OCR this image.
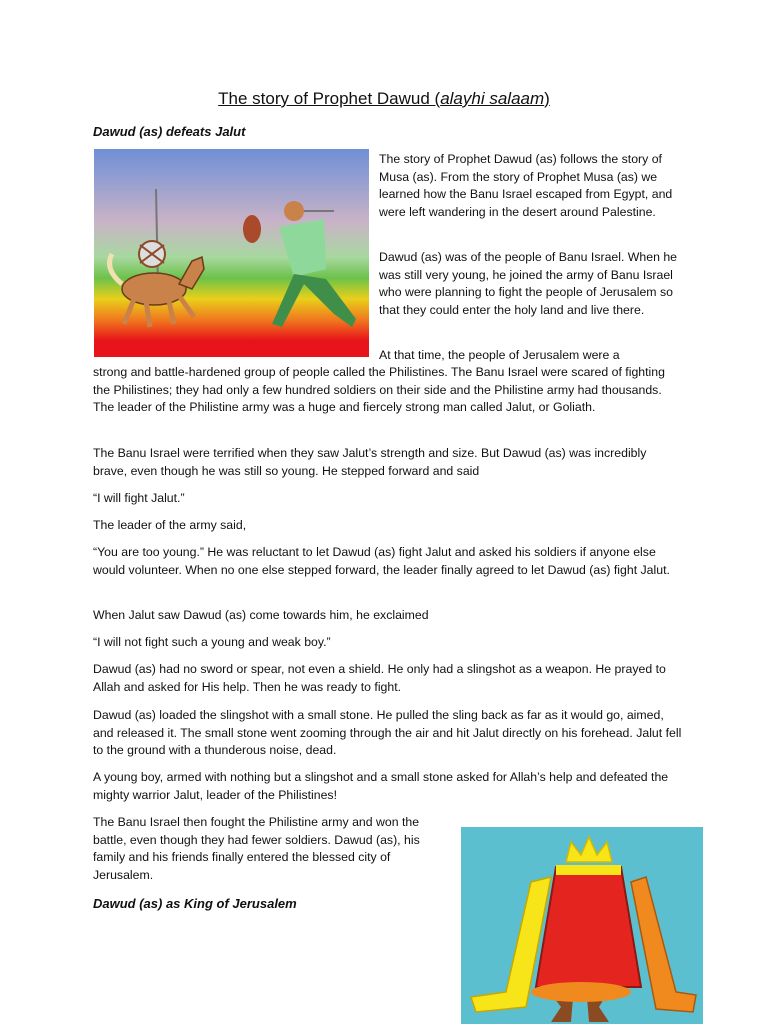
The story of Prophet Dawud (alayhi salaam)

Dawud (as) defeats Jalut

The story of Prophet Dawud (as) follows the story of Musa (as). From the story of Prophet Musa (as) we learned how the Banu Israel escaped from Egypt, and were left wandering in the desert around Palestine.

Dawud (as) was of the people of Banu Israel. When he was still very young, he joined the army of Banu Israel who were planning to fight the people of Jerusalem so that they could enter the holy land and live there.

At that time, the people of Jerusalem were a

strong and battle-hardened group of people called the Philistines. The Banu Israel were scared of fighting the Philistines; they had only a few hundred soldiers on their side and the Philistine army had thousands. The leader of the Philistine army was a huge and fiercely strong man called Jalut, or Goliath.

The Banu Israel were terrified when they saw Jalut’s strength and size. But Dawud (as) was incredibly brave, even though he was still so young. He stepped forward and said

“I will fight Jalut.”

The leader of the army said,

“You are too young.” He was reluctant to let Dawud (as) fight Jalut and asked his soldiers if anyone else would volunteer. When no one else stepped forward, the leader finally agreed to let Dawud (as) fight Jalut.

When Jalut saw Dawud (as) come towards him, he exclaimed

“I will not fight such a young and weak boy.”

Dawud (as) had no sword or spear, not even a shield. He only had a slingshot as a weapon. He prayed to Allah and asked for His help. Then he was ready to fight.

Dawud (as) loaded the slingshot with a small stone. He pulled the sling back as far as it would go, aimed, and released it. The small stone went zooming through the air and hit Jalut directly on his forehead. Jalut fell to the ground with a thunderous noise, dead.

A young boy, armed with nothing but a slingshot and a small stone asked for Allah’s help and defeated the mighty warrior Jalut, leader of the Philistines!

The Banu Israel then fought the Philistine army and won the battle, even though they had fewer soldiers. Dawud (as), his family and his friends finally entered the blessed city of Jerusalem.

Dawud (as) as King of Jerusalem
